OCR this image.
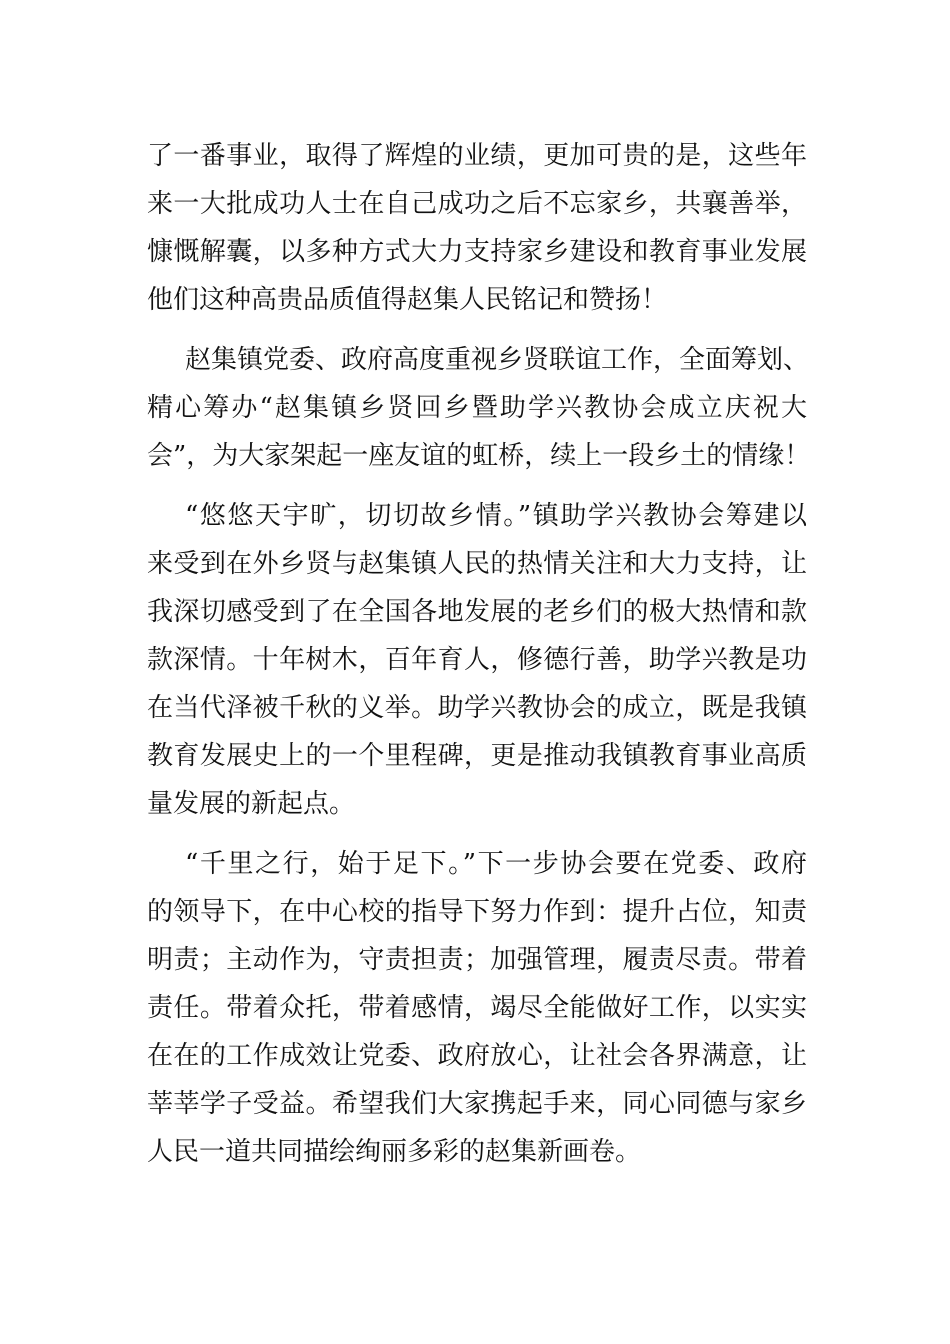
了一番事业，取得了辉煌的业绩，更加可贵的是，这些年
来一大批成功人士在自己成功之后不忘家乡，共襄善举，
慷慨解囊，以多种方式大力支持家乡建设和教育事业发展
他们这种高贵品质值得赵集人民铭记和赞扬！
赵集镇党委、政府高度重视乡贤联谊工作，全面筹划、
精心筹办“赵集镇乡贤回乡暨助学兴教协会成立庆祝大
会”，为大家架起一座友谊的虹桥，续上一段乡土的情缘！
“悠悠天宇旷，切切故乡情。”镇助学兴教协会筹建以
来受到在外乡贤与赵集镇人民的热情关注和大力支持，让
我深切感受到了在全国各地发展的老乡们的极大热情和款
款深情。十年树木，百年育人，修德行善，助学兴教是功
在当代泽被千秋的义举。助学兴教协会的成立，既是我镇
教育发展史上的一个里程碑，更是推动我镇教育事业高质
量发展的新起点。
“千里之行，始于足下。”下一步协会要在党委、政府
的领导下，在中心校的指导下努力作到：提升占位，知责
明责；主动作为，守责担责；加强管理，履责尽责。带着
责任。带着众托，带着感情，竭尽全能做好工作，以实实
在在的工作成效让党委、政府放心，让社会各界满意，让
莘莘学子受益。希望我们大家携起手来，同心同德与家乡
人民一道共同描绘绚丽多彩的赵集新画卷。
